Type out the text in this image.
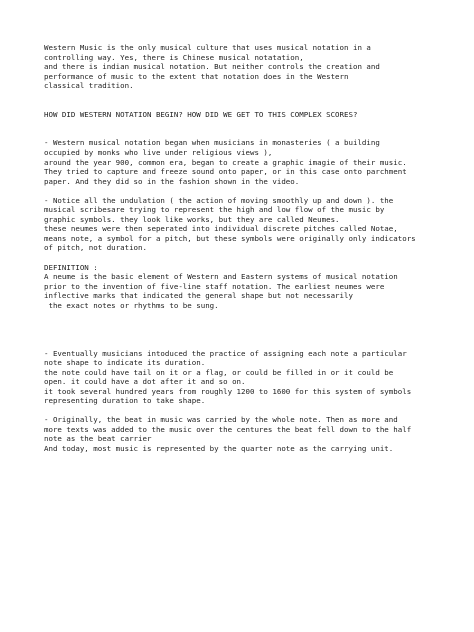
Western Music is the only musical culture that uses musical notation in a
controlling way. Yes, there is Chinese musical notatation,
and there is indian musical notation. But neither controls the creation and
performance of music to the extent that notation does in the Western
classical tradition.
HOW DID WESTERN NOTATION BEGIN? HOW DID WE GET TO THIS COMPLEX SCORES?
- Western musical notation began when musicians in monasteries ( a building
occupied by monks who live under religious views ),
around the year 900, common era, began to create a graphic imagie of their music.
They tried to capture and freeze sound onto paper, or in this case onto parchment
paper. And they did so in the fashion shown in the video.
- Notice all the undulation ( the action of moving smoothly up and down ). the
musical scribesare trying to represent the high and low flow of the music by
graphic symbols. they look like works, but they are called Neumes.
these neumes were then seperated into individual discrete pitches called Notae,
means note, a symbol for a pitch, but these symbols were originally only indicators
of pitch, not duration.
DEFINITION :
A neume is the basic element of Western and Eastern systems of musical notation
prior to the invention of five-line staff notation. The earliest neumes were
inflective marks that indicated the general shape but not necessarily
the exact notes or rhythms to be sung.
- Eventually musicians intoduced the practice of assigning each note a particular
note shape to indicate its duration.
the note could have tail on it or a flag, or could be filled in or it could be
open. it could have a dot after it and so on.
it took several hundred years from roughly 1200 to 1600 for this system of symbols
representing duration to take shape.
- Originally, the beat in music was carried by the whole note. Then as more and
more texts was added to the music over the centures the beat fell down to the half
note as the beat carrier
And today, most music is represented by the quarter note as the carrying unit.
